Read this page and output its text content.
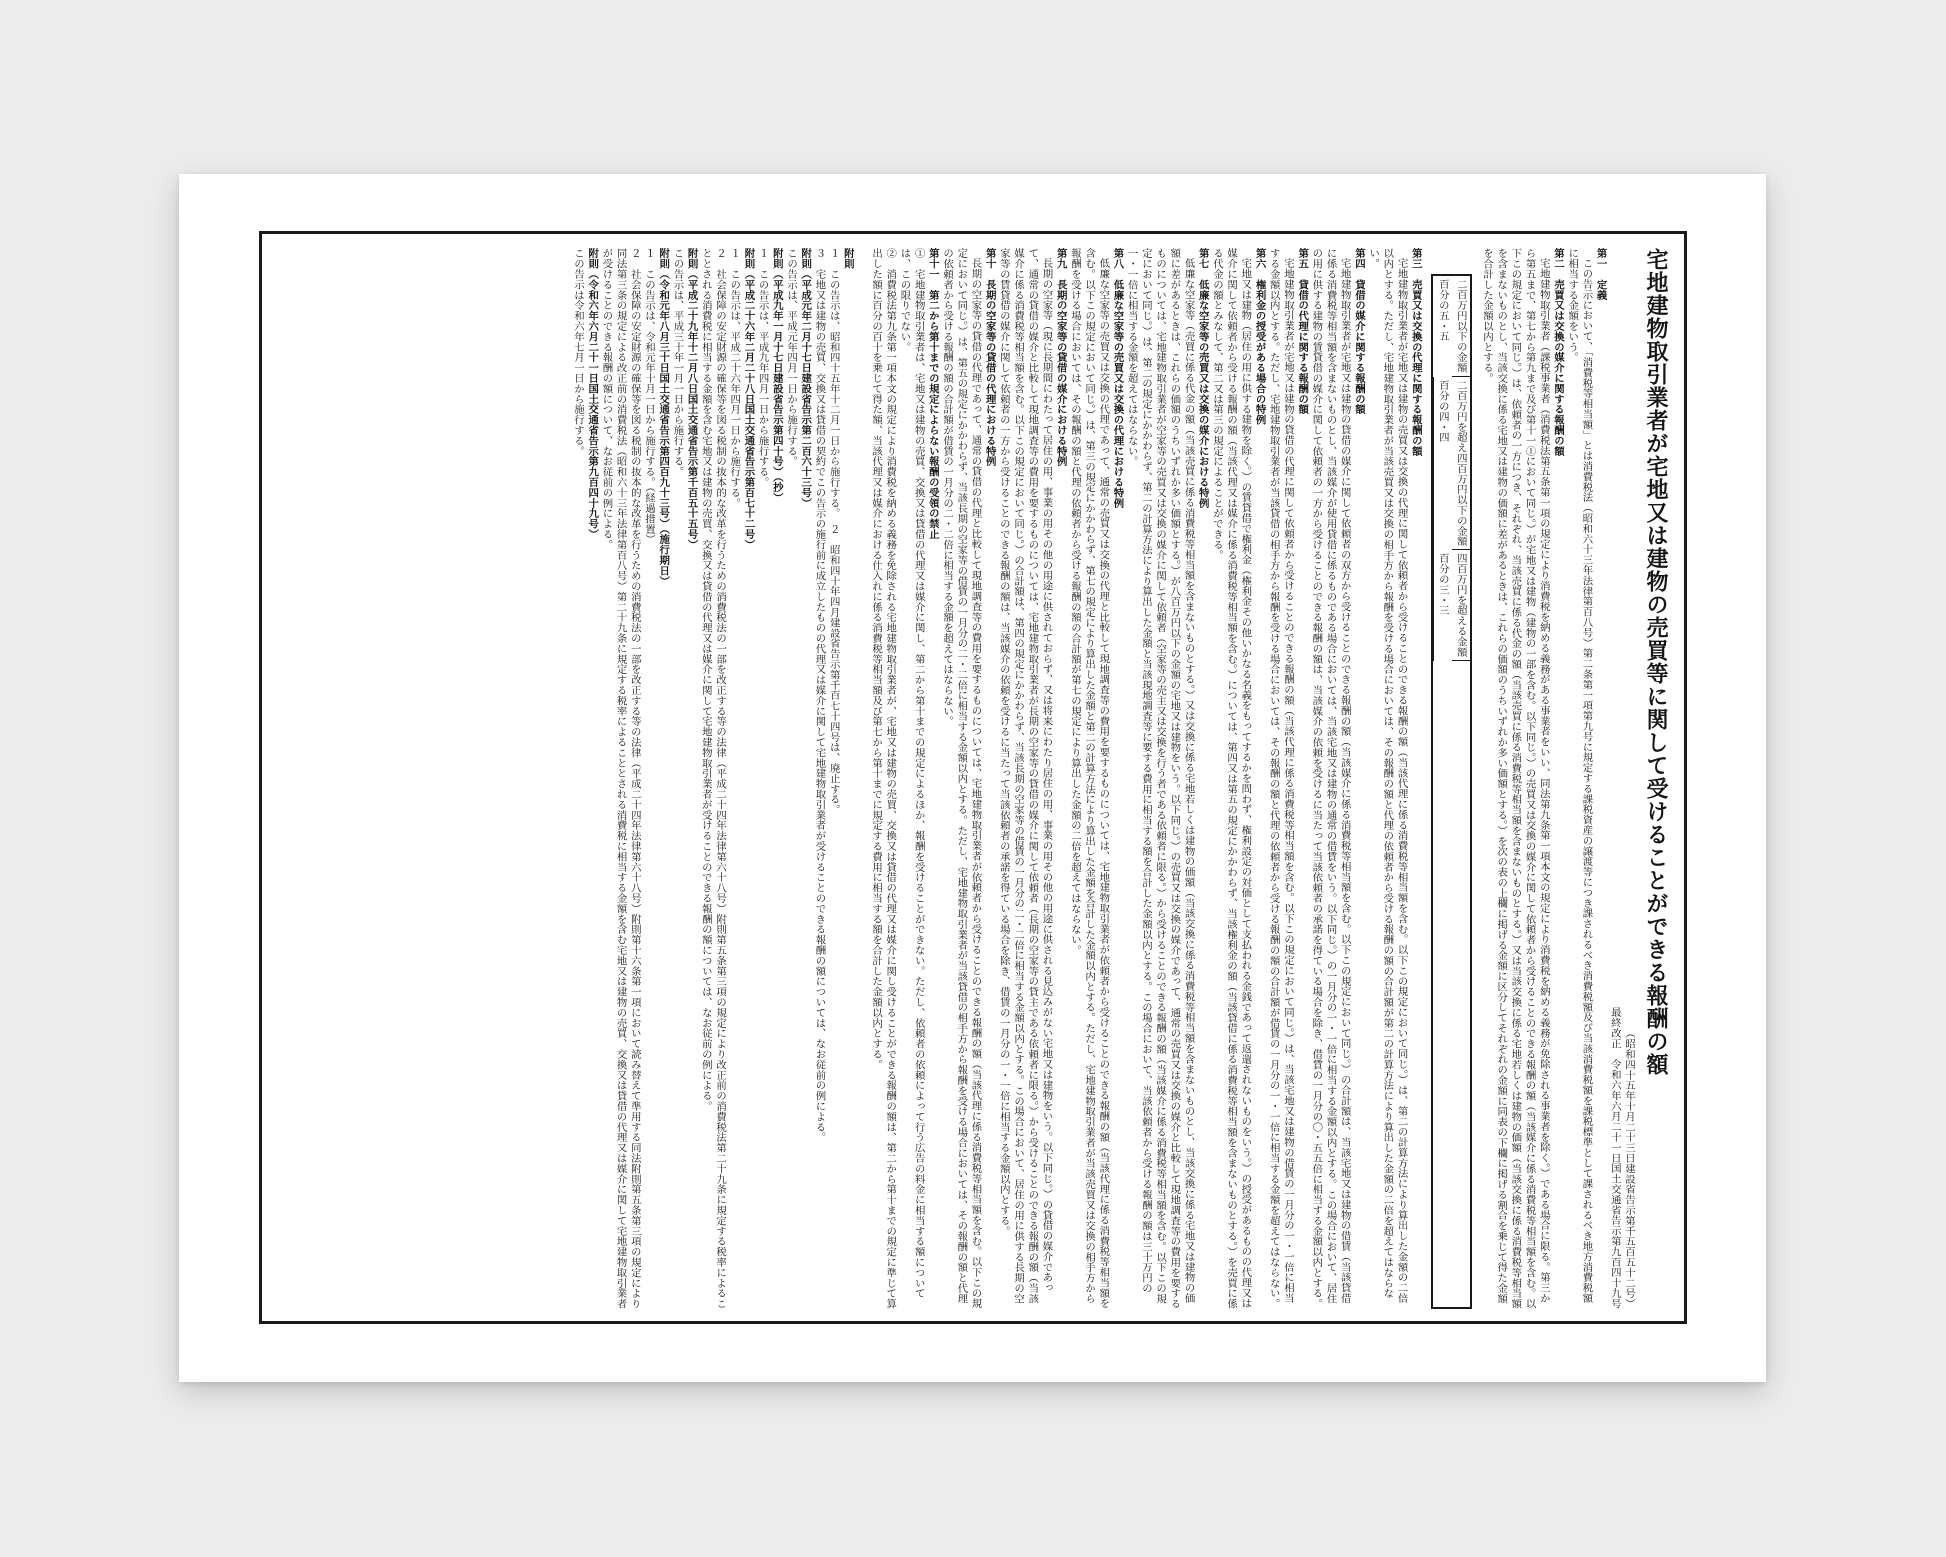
宅地建物取引業者が宅地又は建物の売買等に関して受けることができる報酬の額
（昭和四十五年十月二十三日建設省告示第千五百五十二号）
最終改正　令和六年六月二十一日国土交通省告示第九百四十九号
第一　定義
この告示において、「消費税等相当額」とは消費税法（昭和六十三年法律第百八号）第二条第一項第九号に規定する課税資産の譲渡等につき課されるべき消費税額及び当該消費税額を課税標準として課されるべき地方消費税額に相当する金額をいう。
第二　売買又は交換の媒介に関する報酬の額
宅地建物取引業者（課税事業者（消費税法第五条第一項の規定により消費税を納める義務がある事業者をいい、同法第九条第一項本文の規定により消費税を納める義務が免除される事業者を除く。）である場合に限る。第三から第五まで、第七から第九まで及び第十一①において同じ。）が宅地又は建物（建物の一部を含む。以下同じ。）の売買又は交換の媒介に関して依頼者から受けることのできる報酬の額（当該媒介に係る消費税等相当額を含む。以下この規定において同じ。）は、依頼者の一方につき、それぞれ、当該売買に係る代金の額（当該売買に係る消費税等相当額を含まないものとする。）又は当該交換に係る宅地若しくは建物の価額（当該交換に係る消費税等相当額を含まないものとし、当該交換に係る宅地又は建物の価額に差があるときは、これらの価額のうちいずれか多い価額とする。）を次の表の上欄に掲げる金額に区分してそれぞれの金額に同表の下欄に掲げる割合を乗じて得た金額を合計した金額以内とする。
二百万円以下の金額
百分の五・五
二百万円を超え四百万円以下の金額
百分の四・四
四百万円を超える金額
百分の三・三
第三　売買又は交換の代理に関する報酬の額
宅地建物取引業者が宅地又は建物の売買又は交換の代理に関して依頼者から受けることのできる報酬の額（当該代理に係る消費税等相当額を含む。以下この規定において同じ。）は、第二の計算方法により算出した金額の二倍以内とする。ただし、宅地建物取引業者が当該売買又は交換の相手方から報酬を受ける場合においては、その報酬の額と代理の依頼者から受ける報酬の額の合計額が第二の計算方法により算出した金額の二倍を超えてはならない。
第四　貸借の媒介に関する報酬の額
宅地建物取引業者が宅地又は建物の貸借の媒介に関して依頼者の双方から受けることのできる報酬の額（当該媒介に係る消費税等相当額を含む。以下この規定において同じ。）の合計額は、当該宅地又は建物の借賃（当該貸借に係る消費税等相当額を含まないものとし、当該媒介が使用貸借に係るものである場合においては、当該宅地又は建物の通常の借賃をいう。以下同じ。）の一月分の一・一倍に相当する金額以内とする。この場合において、居住の用に供する建物の賃貸借の媒介に関して依頼者の一方から受けることのできる報酬の額は、当該媒介の依頼を受けるに当たって当該依頼者の承諾を得ている場合を除き、借賃の一月分の〇・五五倍に相当する金額以内とする。
第五　貸借の代理に関する報酬の額
宅地建物取引業者が宅地又は建物の貸借の代理に関して依頼者から受けることのできる報酬の額（当該代理に係る消費税等相当額を含む。以下この規定において同じ。）は、当該宅地又は建物の借賃の一月分の一・一倍に相当する金額以内とする。ただし、宅地建物取引業者が当該貸借の相手方から報酬を受ける場合においては、その報酬の額と代理の依頼者から受ける報酬の額の合計額が借賃の一月分の一・一倍に相当する金額を超えてはならない。
第六　権利金の授受がある場合の特例
宅地又は建物（居住の用に供する建物を除く。）の賃貸借で権利金（権利金その他いかなる名義をもってするかを問わず、権利設定の対価として支払われる金銭であって返還されないものをいう。）の授受があるものの代理又は媒介に関して依頼者から受ける報酬の額（当該代理又は媒介に係る消費税等相当額を含む。）については、第四又は第五の規定にかかわらず、当該権利金の額（当該貸借に係る消費税等相当額を含まないものとする。）を売買に係る代金の額とみなして、第二又は第三の規定によることができる。
第七　低廉な空家等の売買又は交換の媒介における特例
低廉な空家等（売買に係る代金の額（当該売買に係る消費税等相当額を含まないものとする。）又は交換に係る宅地若しくは建物の価額（当該交換に係る消費税等相当額を含まないものとし、当該交換に係る宅地又は建物の価額に差があるときは、これらの価額のうちいずれか多い価額とする。）が八百万円以下の金額の宅地又は建物をいう。以下同じ。）の売買又は交換の媒介であって、通常の売買又は交換の媒介と比較して現地調査等の費用を要するものについては、宅地建物取引業者が空家等の売買又は交換の媒介に関して依頼者（空家等の売主又は交換を行う者である依頼者に限る。）から受けることのできる報酬の額（当該媒介に係る消費税等相当額を含む。以下この規定において同じ。）は、第二の規定にかかわらず、第二の計算方法により算出した金額と当該現地調査等に要する費用に相当する額を合計した金額以内とする。この場合において、当該依頼者から受ける報酬の額は三十万円の一・一倍に相当する金額を超えてはならない。
第八　低廉な空家等の売買又は交換の代理における特例
低廉な空家等の売買又は交換の代理であって、通常の売買又は交換の代理と比較して現地調査等の費用を要するものについては、宅地建物取引業者が依頼者から受けることのできる報酬の額（当該代理に係る消費税等相当額を含む。以下この規定において同じ。）は、第三の規定にかかわらず、第七の規定により算出した金額と第二の計算方法により算出した金額を合計した金額以内とする。ただし、宅地建物取引業者が当該売買又は交換の相手方から報酬を受ける場合においては、その報酬の額と代理の依頼者から受ける報酬の額の合計額が第七の規定により算出した金額の二倍を超えてはならない。
第九　長期の空家等の貸借の媒介における特例
長期の空家等（現に長期間にわたって居住の用、事業の用その他の用途に供されておらず、又は将来にわたり居住の用、事業の用その他の用途に供される見込みがない宅地又は建物をいう。以下同じ。）の貸借の媒介であって、通常の貸借の媒介と比較して現地調査等の費用を要するものについては、宅地建物取引業者が長期の空家等の貸借の媒介に関して依頼者（長期の空家等の貸主である依頼者に限る。）から受けることのできる報酬の額（当該媒介に係る消費税等相当額を含む。以下この規定において同じ。）の合計額は、第四の規定にかかわらず、当該長期の空家等の借賃の一月分の二・二倍に相当する金額以内とする。この場合において、居住の用に供する長期の空家等の賃貸借の媒介に関して依頼者の一方から受けることのできる報酬の額は、当該媒介の依頼を受けるに当たって当該依頼者の承諾を得ている場合を除き、借賃の一月分の一・一倍に相当する金額以内とする。
第十　長期の空家等の貸借の代理における特例
長期の空家等の貸借の代理であって、通常の貸借の代理と比較して現地調査等の費用を要するものについては、宅地建物取引業者が依頼者から受けることのできる報酬の額（当該代理に係る消費税等相当額を含む。以下この規定において同じ。）は、第五の規定にかかわらず、当該長期の空家等の借賃の一月分の二・二倍に相当する金額以内とする。ただし、宅地建物取引業者が当該貸借の相手方から報酬を受ける場合においては、その報酬の額と代理の依頼者から受ける報酬の額の合計額が借賃の一月分の二・二倍に相当する金額を超えてはならない。
第十一　第二から第十までの規定によらない報酬の受領の禁止
①　宅地建物取引業者は、宅地又は建物の売買、交換又は貸借の代理又は媒介に関し、第二から第十までの規定によるほか、報酬を受けることができない。ただし、依頼者の依頼によって行う広告の料金に相当する額については、この限りでない。
②　消費税法第九条第一項本文の規定により消費税を納める義務を免除される宅地建物取引業者が、宅地又は建物の売買、交換又は貸借の代理又は媒介に関し受けることができる報酬の額は、第二から第十までの規定に準じて算出した額に百分の百十を乗じて得た額、当該代理又は媒介における仕入れに係る消費税等相当額及び第七から第十までに規定する費用に相当する額を合計した金額以内とする。
附則
１　この告示は、昭和四十五年十二月一日から施行する。　２　昭和四十年四月建設省告示第千百七十四号は、廃止する。
３　宅地又は建物の売買、交換又は貸借の契約でこの告示の施行前に成立したものの代理又は媒介に関して宅地建物取引業者が受けることのできる報酬の額については、なお従前の例による。
附則（平成元年二月十七日建設省告示第二百六十三号）
この告示は、平成元年四月一日から施行する。
附則（平成九年一月十七日建設省告示第四十号）（抄）
１　この告示は、平成九年四月一日から施行する。
附則（平成二十六年二月二十八日国土交通省告示第百七十二号）
１　この告示は、平成二十六年四月一日から施行する。
２　社会保障の安定財源の確保等を図る税制の抜本的な改革を行うための消費税法の一部を改正する等の法律（平成二十四年法律第六十八号）附則第五条第三項の規定により改正前の消費税法第二十九条に規定する税率によることとされる消費税に相当する金額を含む宅地又は建物の売買、交換又は貸借の代理又は媒介に関して宅地建物取引業者が受けることのできる報酬の額については、なお従前の例による。
附則（平成二十九年十二月八日国土交通省告示第千百五十五号）
この告示は、平成三十年一月一日から施行する。
附則（令和元年八月三十日国土交通省告示第四百九十三号）（施行期日）
１　この告示は、令和元年十月一日から施行する。（経過措置）
２　社会保障の安定財源の確保等を図る税制の抜本的な改革を行うための消費税法の一部を改正する等の法律（平成二十四年法律第六十八号）附則第十六条第一項において読み替えて準用する同法附則第五条第三項の規定により同法第三条の規定による改正前の消費税法（昭和六十三年法律第百八号）第二十九条に規定する税率によることとされる消費税に相当する金額を含む宅地又は建物の売買、交換又は貸借の代理又は媒介に関して宅地建物取引業者が受けることのできる報酬の額について、なお従前の例による。
附則（令和六年六月二十一日国土交通省告示第九百四十九号）
この告示は令和六年七月一日から施行する。
